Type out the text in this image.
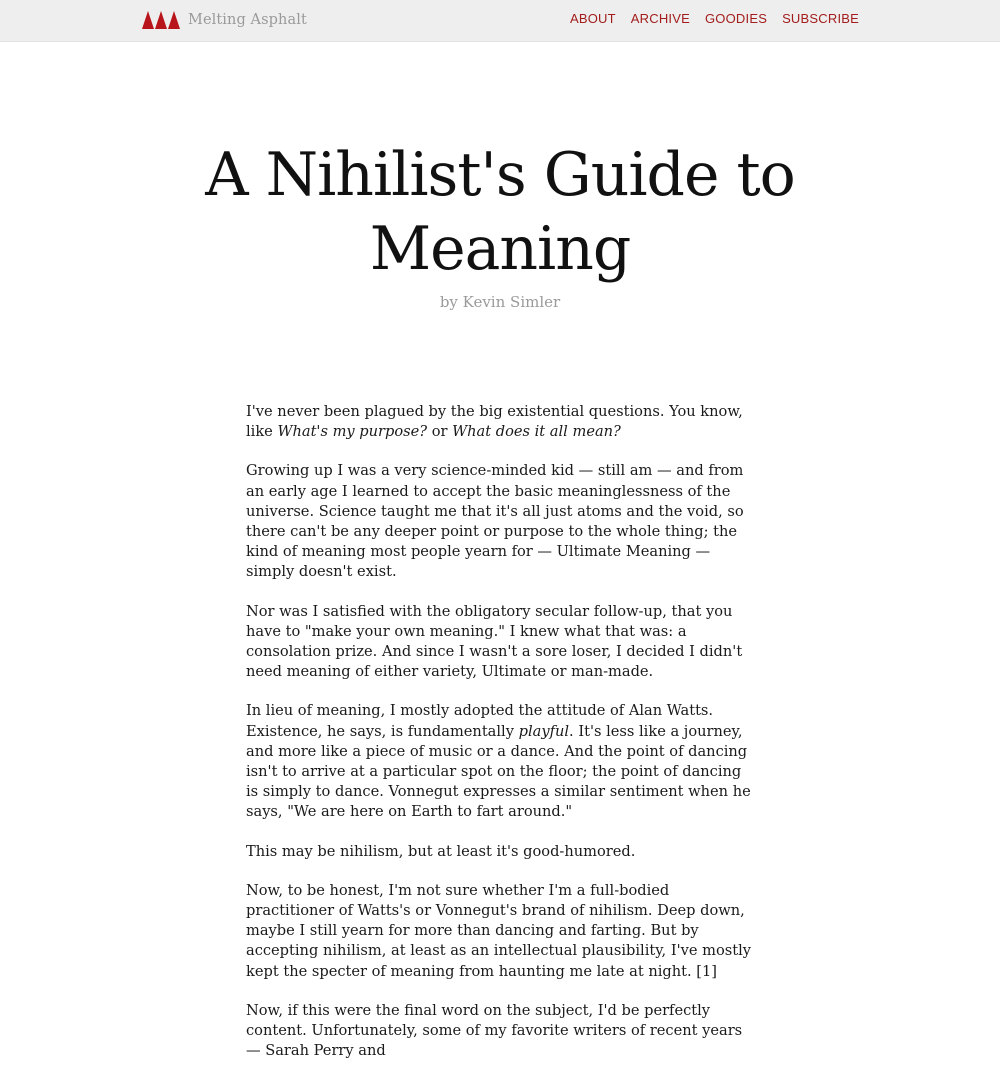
Melting Asphalt	ABOUT ARCHIVE GOODIES SUBSCRIBE
A Nihilist's Guide to Meaning
by Kevin Simler

I've never been plagued by the big existential questions. You know, like What's my purpose? or What does it all mean?

Growing up I was a very science-minded kid — still am — and from an early age I learned to accept the basic meaninglessness of the universe. Science taught me that it's all just atoms and the void, so there can't be any deeper point or purpose to the whole thing; the kind of meaning most people yearn for — Ultimate Meaning — simply doesn't exist.

Nor was I satisfied with the obligatory secular follow-up, that you have to "make your own meaning." I knew what that was: a consolation prize. And since I wasn't a sore loser, I decided I didn't need meaning of either variety, Ultimate or man-made.

In lieu of meaning, I mostly adopted the attitude of Alan Watts. Existence, he says, is fundamentally playful. It's less like a journey, and more like a piece of music or a dance. And the point of dancing isn't to arrive at a particular spot on the floor; the point of dancing is simply to dance. Vonnegut expresses a similar sentiment when he says, "We are here on Earth to fart around."

This may be nihilism, but at least it's good-humored.

Now, to be honest, I'm not sure whether I'm a full-bodied practitioner of Watts's or Vonnegut's brand of nihilism. Deep down, maybe I still yearn for more than dancing and farting. But by accepting nihilism, at least as an intellectual plausibility, I've mostly kept the specter of meaning from haunting me late at night. [1]

Now, if this were the final word on the subject, I'd be perfectly content. Unfortunately, some of my favorite writers of recent years — Sarah Perry and
